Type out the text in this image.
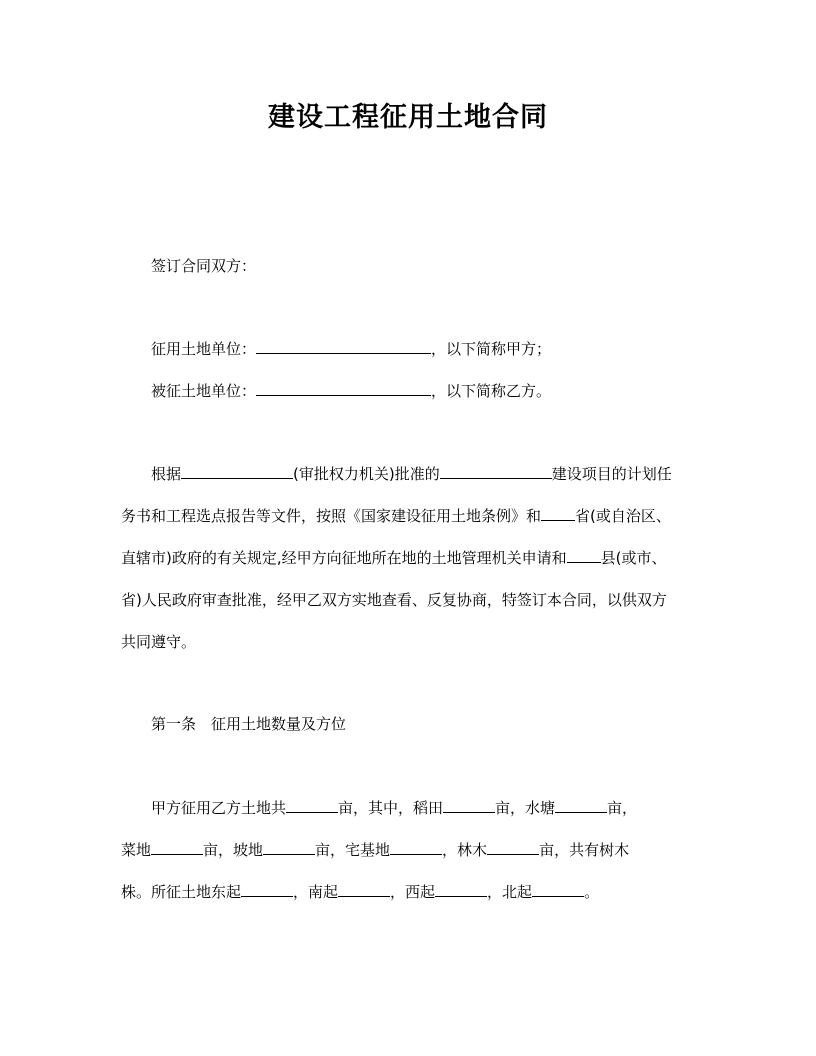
建设工程征用土地合同
签订合同双方：
征用土地单位：	，以下简称甲方；
被征土地单位：	，以下简称乙方。
根据	(审批权力机关)批准的	建设项目的计划任
务书和工程选点报告等文件，按照《国家建设征用土地条例》和 省(或自治区、
直辖市)政府的有关规定,经甲方向征地所在地的土地管理机关申请和 县(或市、
省)人民政府审查批准，经甲乙双方实地查看、反复协商，特签订本合同，以供双方
共同遵守。
第一条　征用土地数量及方位
甲方征用乙方土地共	亩，其中，稻田	亩，水塘	亩，
菜地	亩，坡地	亩，宅基地	，林木	亩，共有树木
株。所征土地东起	，南起	，西起	，北起	。
